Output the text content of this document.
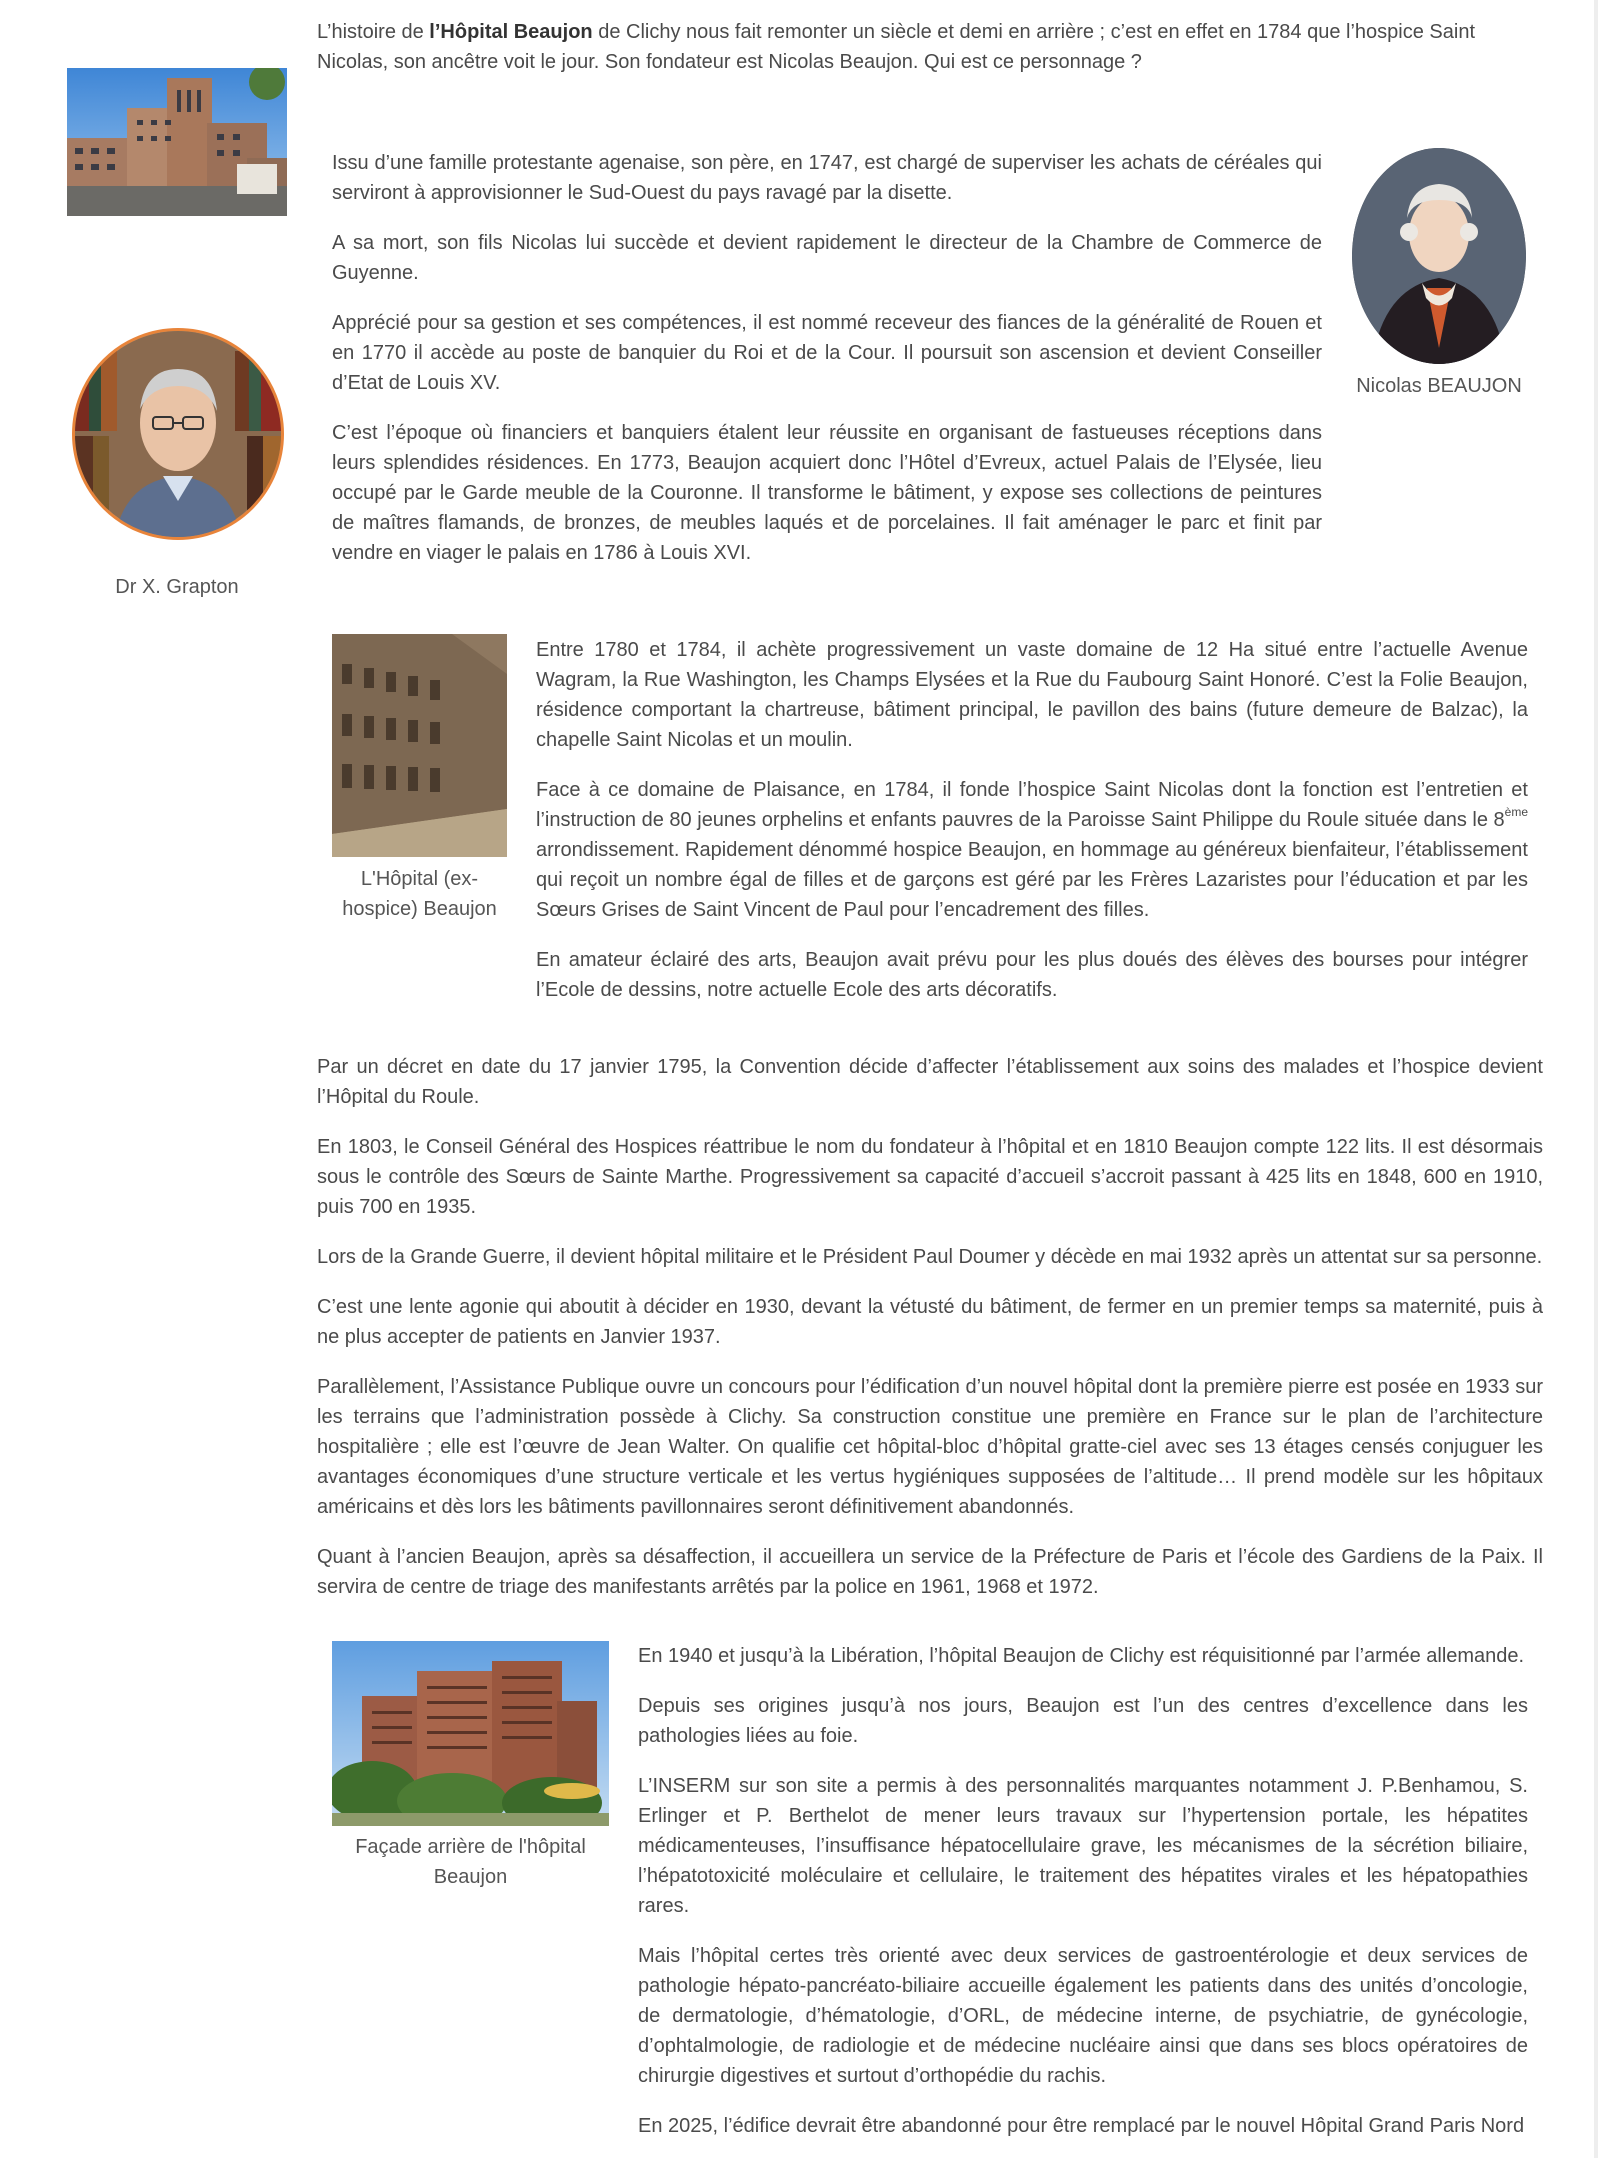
L’histoire de l’Hôpital Beaujon de Clichy nous fait remonter un siècle et demi en arrière ; c’est en effet en 1784 que l’hospice Saint Nicolas, son ancêtre voit le jour. Son fondateur est Nicolas Beaujon. Qui est ce personnage ?
Dr X. Grapton

Issu d’une famille protestante agenaise, son père, en 1747, est chargé de superviser les achats de céréales qui serviront à approvisionner le Sud-Ouest du pays ravagé par la disette.

A sa mort, son fils Nicolas lui succède et devient rapidement le directeur de la Chambre de Commerce de Guyenne.

Apprécié pour sa gestion et ses compétences, il est nommé receveur des fiances de la généralité de Rouen et en 1770 il accède au poste de banquier du Roi et de la Cour. Il poursuit son ascension et devient Conseiller d’Etat de Louis XV.

C’est l’époque où financiers et banquiers étalent leur réussite en organisant de fastueuses réceptions dans leurs splendides résidences. En 1773, Beaujon acquiert donc l’Hôtel d’Evreux, actuel Palais de l’Elysée, lieu occupé par le Garde meuble de la Couronne. Il transforme le bâtiment, y expose ses collections de peintures de maîtres flamands, de bronzes, de meubles laqués et de porcelaines. Il fait aménager le parc et finit par vendre en viager le palais en 1786 à Louis XVI.

Nicolas BEAUJON
L'Hôpital (ex-hospice) Beaujon

Entre 1780 et 1784, il achète progressivement un vaste domaine de 12 Ha situé entre l’actuelle Avenue Wagram, la Rue Washington, les Champs Elysées et la Rue du Faubourg Saint Honoré. C’est la Folie Beaujon, résidence comportant la chartreuse, bâtiment principal, le pavillon des bains (future demeure de Balzac), la chapelle Saint Nicolas et un moulin.

Face à ce domaine de Plaisance, en 1784, il fonde l’hospice Saint Nicolas dont la fonction est l’entretien et l’instruction de 80 jeunes orphelins et enfants pauvres de la Paroisse Saint Philippe du Roule située dans le 8ème arrondissement. Rapidement dénommé hospice Beaujon, en hommage au généreux bienfaiteur, l’établissement qui reçoit un nombre égal de filles et de garçons est géré par les Frères Lazaristes pour l’éducation et par les Sœurs Grises de Saint Vincent de Paul pour l’encadrement des filles.

En amateur éclairé des arts, Beaujon avait prévu pour les plus doués des élèves des bourses pour intégrer l’Ecole de dessins, notre actuelle Ecole des arts décoratifs.

Par un décret en date du 17 janvier 1795, la Convention décide d’affecter l’établissement aux soins des malades et l’hospice devient l’Hôpital du Roule.

En 1803, le Conseil Général des Hospices réattribue le nom du fondateur à l’hôpital et en 1810 Beaujon compte 122 lits. Il est désormais sous le contrôle des Sœurs de Sainte Marthe. Progressivement sa capacité d’accueil s’accroit passant à 425 lits en 1848, 600 en 1910, puis 700 en 1935.

Lors de la Grande Guerre, il devient hôpital militaire et le Président Paul Doumer y décède en mai 1932 après un attentat sur sa personne.

C’est une lente agonie qui aboutit à décider en 1930, devant la vétusté du bâtiment, de fermer en un premier temps sa maternité, puis à ne plus accepter de patients en Janvier 1937.

Parallèlement, l’Assistance Publique ouvre un concours pour l’édification d’un nouvel hôpital dont la première pierre est posée en 1933 sur les terrains que l’administration possède à Clichy. Sa construction constitue une première en France sur le plan de l’architecture hospitalière ; elle est l’œuvre de Jean Walter. On qualifie cet hôpital-bloc d’hôpital gratte-ciel avec ses 13 étages censés conjuguer les avantages économiques d’une structure verticale et les vertus hygiéniques supposées de l’altitude… Il prend modèle sur les hôpitaux américains et dès lors les bâtiments pavillonnaires seront définitivement abandonnés.

Quant à l’ancien Beaujon, après sa désaffection, il accueillera un service de la Préfecture de Paris et l’école des Gardiens de la Paix. Il servira de centre de triage des manifestants arrêtés par la police en 1961, 1968 et 1972.

Façade arrière de l'hôpital Beaujon

En 1940 et jusqu’à la Libération, l’hôpital Beaujon de Clichy est réquisitionné par l’armée allemande.

Depuis ses origines jusqu’à nos jours, Beaujon est l’un des centres d’excellence dans les pathologies liées au foie.

L’INSERM sur son site a permis à des personnalités marquantes notamment J. P.Benhamou, S. Erlinger et P. Berthelot de mener leurs travaux sur l’hypertension portale, les hépatites médicamenteuses, l’insuffisance hépatocellulaire grave, les mécanismes de la sécrétion biliaire, l’hépatotoxicité moléculaire et cellulaire, le traitement des hépatites virales et les hépatopathies rares.

Mais l’hôpital certes très orienté avec deux services de gastroentérologie et deux services de pathologie hépato-pancréato-biliaire accueille également les patients dans des unités d’oncologie, de dermatologie, d’hématologie, d’ORL, de médecine interne, de psychiatrie, de gynécologie, d’ophtalmologie, de radiologie et de médecine nucléaire ainsi que dans ses blocs opératoires de chirurgie digestives et surtout d’orthopédie du rachis.

En 2025, l’édifice devrait être abandonné pour être remplacé par le nouvel Hôpital Grand Paris Nord
